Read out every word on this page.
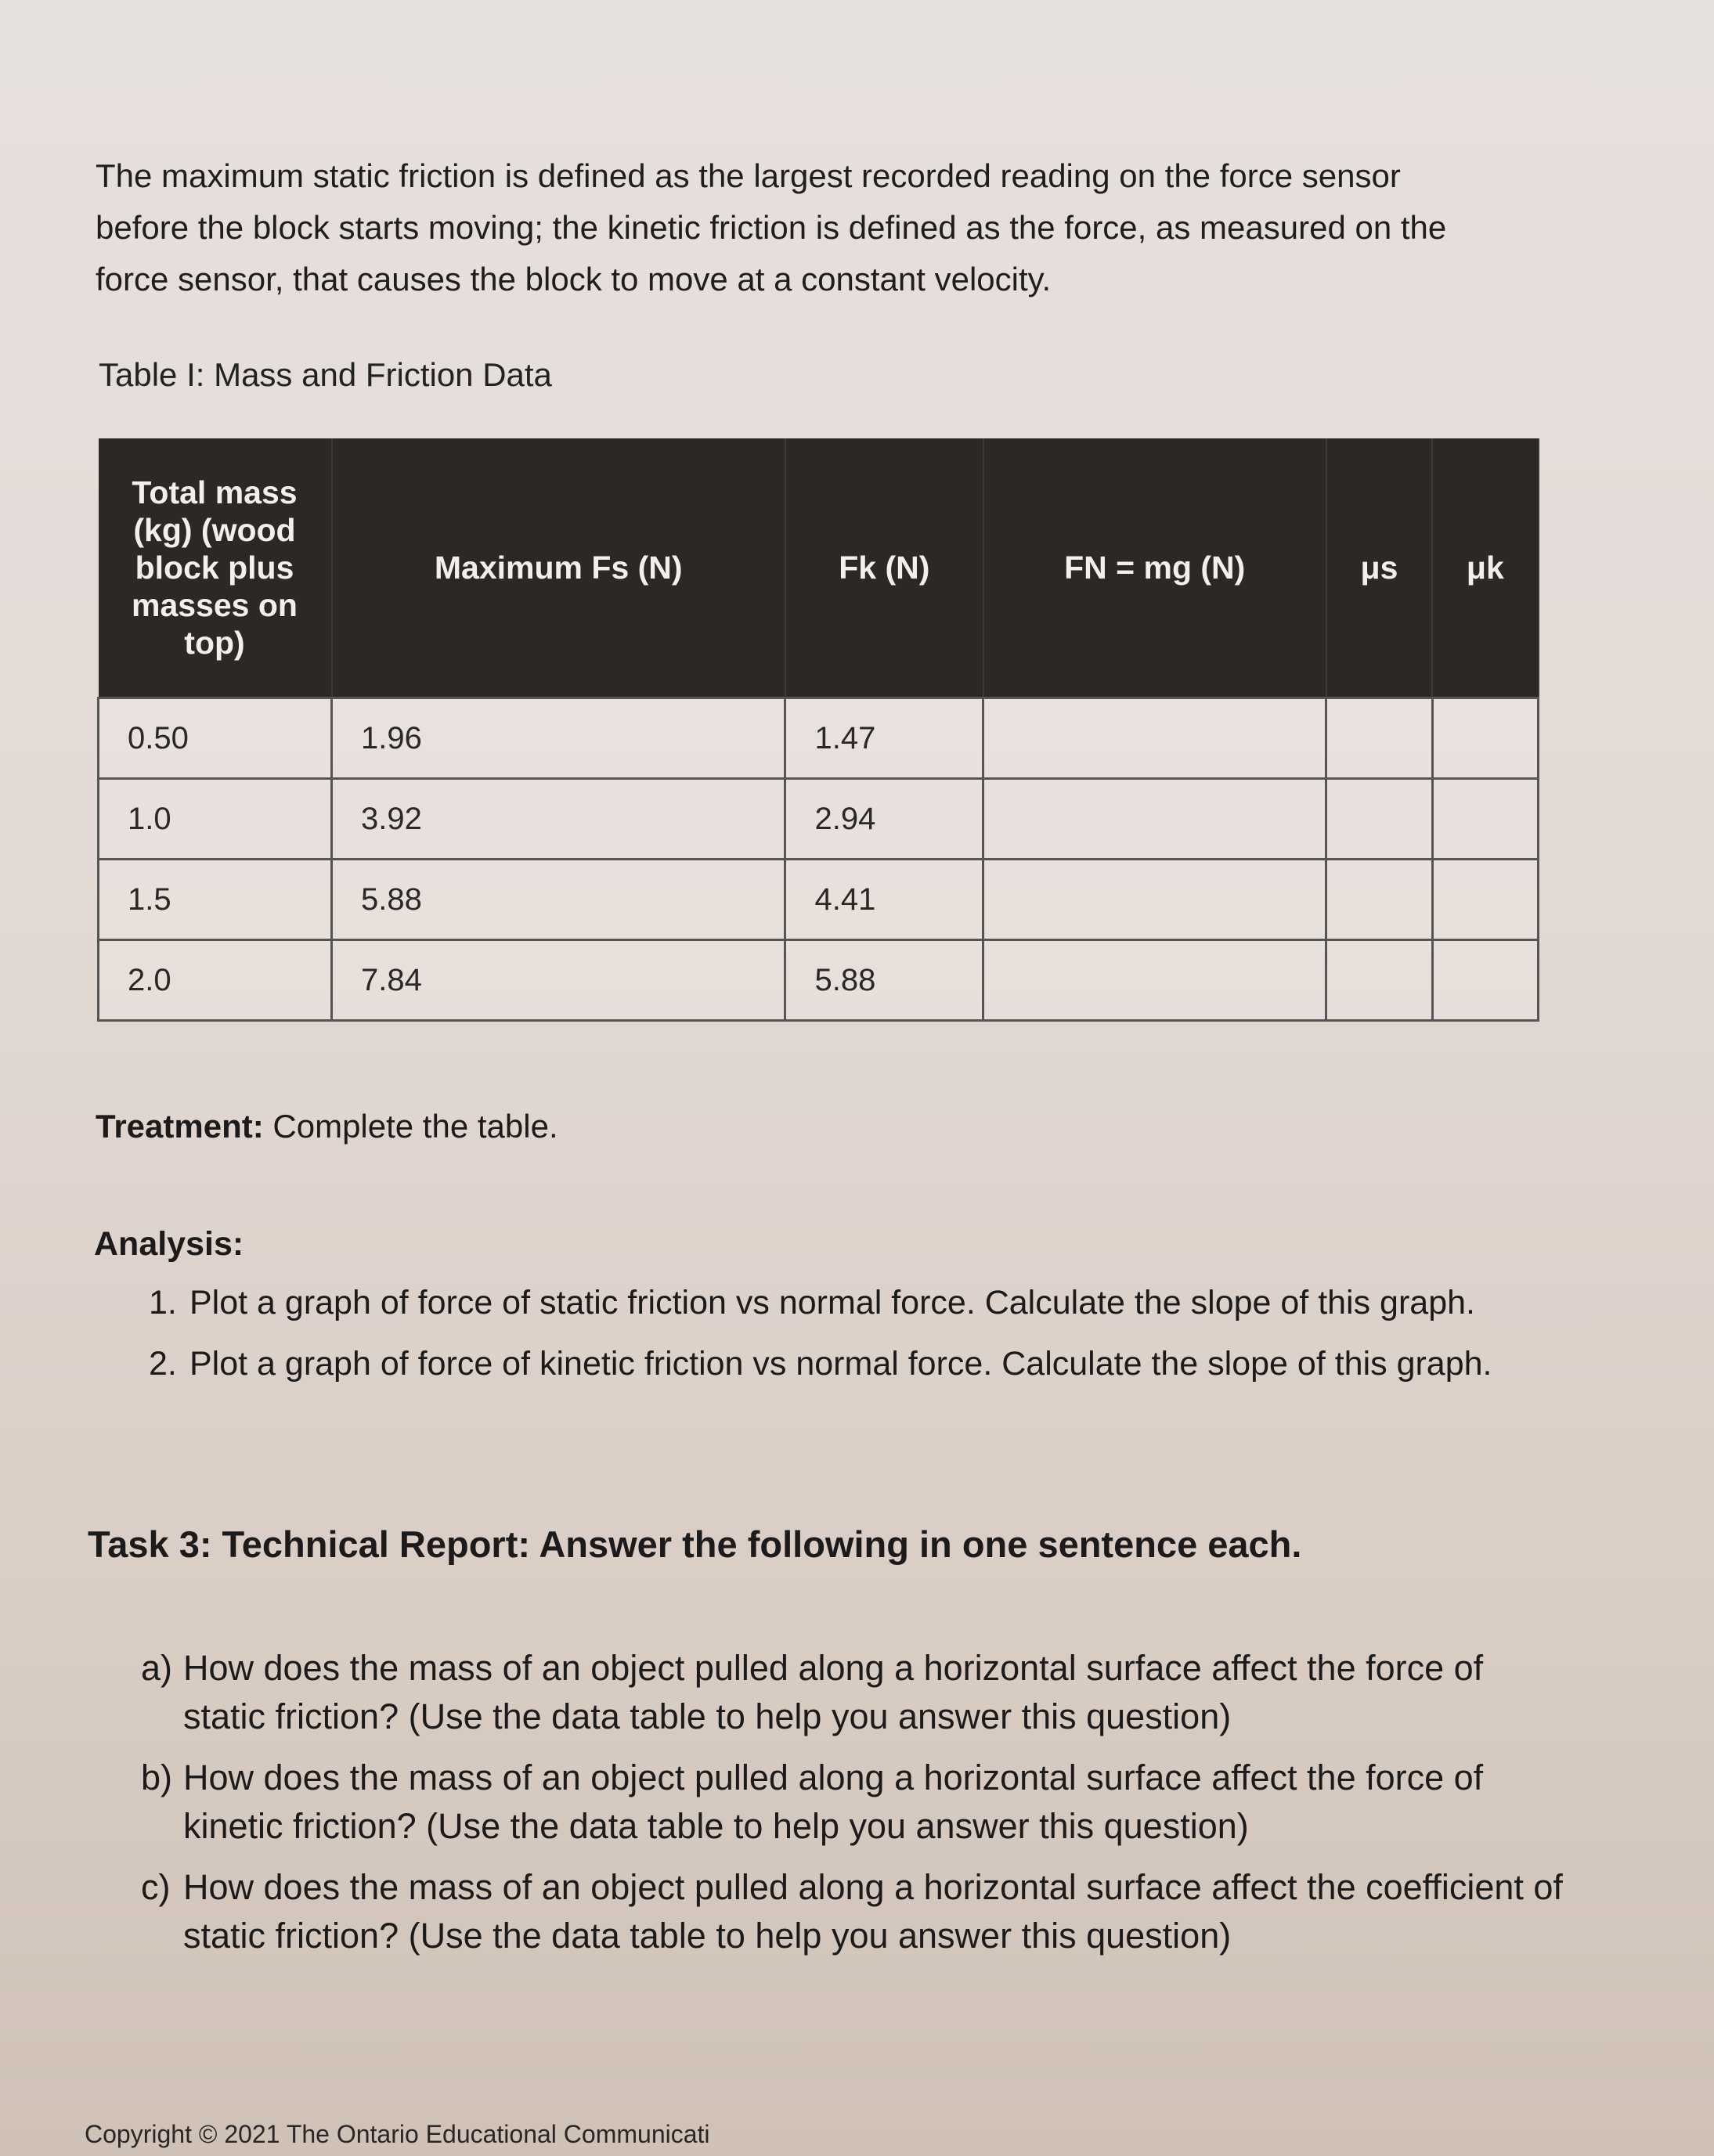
The maximum static friction is defined as the largest recorded reading on the force sensor before the block starts moving; the kinetic friction is defined as the force, as measured on the force sensor, that causes the block to move at a constant velocity.

Table I: Mass and Friction Data
Total mass (kg) (wood block plus masses on top)	Maximum Fs (N)	Fk (N)	FN = mg (N)	μs	μk
0.50	1.96	1.47			
1.0	3.92	2.94			
1.5	5.88	4.41			
2.0	7.84	5.88			
Treatment: Complete the table.
Analysis:
1. Plot a graph of force of static friction vs normal force. Calculate the slope of this graph.
2. Plot a graph of force of kinetic friction vs normal force. Calculate the slope of this graph.
Task 3: Technical Report: Answer the following in one sentence each.
a) How does the mass of an object pulled along a horizontal surface affect the force of static friction? (Use the data table to help you answer this question)
b) How does the mass of an object pulled along a horizontal surface affect the force of kinetic friction? (Use the data table to help you answer this question)
c) How does the mass of an object pulled along a horizontal surface affect the coefficient of static friction? (Use the data table to help you answer this question)
Copyright © 2021 The Ontario Educational Communicati
